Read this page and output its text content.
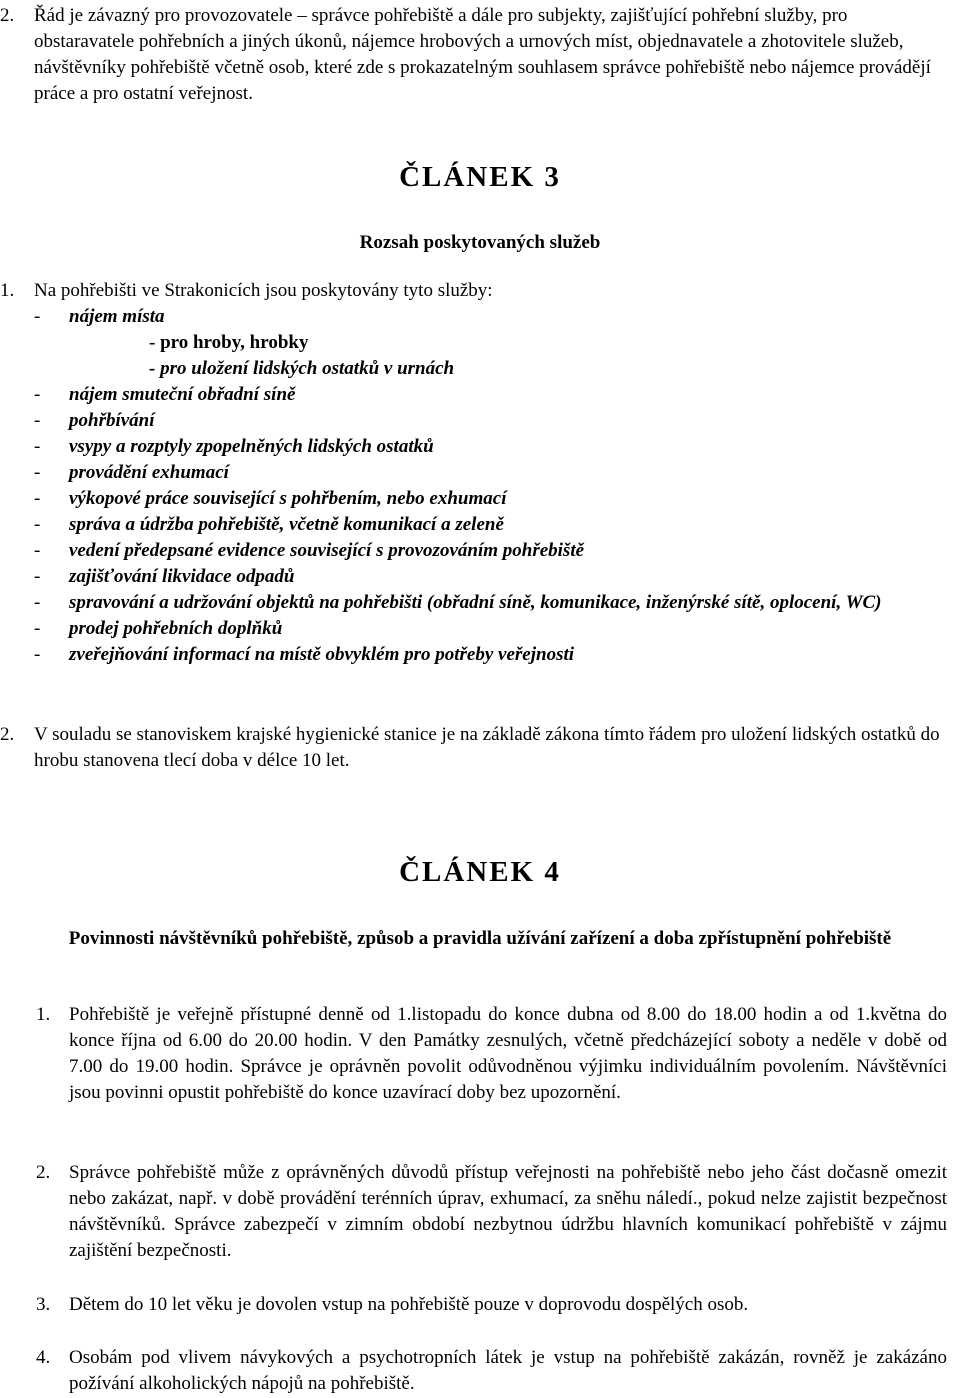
2.	Řád je závazný pro provozovatele – správce pohřebiště a dále pro subjekty, zajišťující pohřební služby, pro obstaravatele pohřebních a jiných úkonů, nájemce hrobových a urnových míst, objednavatele a zhotovitele služeb, návštěvníky pohřebiště včetně osob, které zde s prokazatelným souhlasem správce pohřebiště nebo nájemce provádějí práce a pro ostatní veřejnost.
ČLÁNEK 3
Rozsah poskytovaných služeb
1.	Na pohřebišti ve Strakonicích jsou poskytovány tyto služby:
- nájem místa
- pro hroby, hrobky
- pro uložení lidských ostatků v urnách
- nájem smuteční obřadní síně
- pohřbívání
- vsypy a rozptyly zpopelněných lidských ostatků
- provádění exhumací
- výkopové práce související s pohřbením, nebo exhumací
- správa a údržba pohřebiště, včetně komunikací a zeleně
- vedení předepsané evidence související s provozováním pohřebiště
- zajišťování likvidace odpadů
- spravování a udržování objektů na pohřebišti (obřadní síně, komunikace, inženýrské sítě, oplocení, WC)
- prodej pohřebních doplňků
- zveřejňování informací na místě obvyklém pro potřeby veřejnosti
2.	V souladu se stanoviskem krajské hygienické stanice je na základě zákona tímto řádem pro uložení lidských ostatků do hrobu stanovena tlecí doba v délce 10 let.
ČLÁNEK 4
Povinnosti návštěvníků pohřebiště, způsob a pravidla užívání zařízení a doba zpřístupnění pohřebiště
1. Pohřebiště je veřejně přístupné denně od 1.listopadu do konce dubna od 8.00 do 18.00 hodin a od 1.května do konce října od 6.00 do 20.00 hodin. V den Památky zesnulých, včetně předcházející soboty a neděle v době od 7.00 do 19.00 hodin. Správce je oprávněn povolit odůvodněnou výjimku individuálním povolením. Návštěvníci jsou povinni opustit pohřebiště do konce uzavírací doby bez upozornění.
2. Správce pohřebiště může z oprávněných důvodů přístup veřejnosti na pohřebiště nebo jeho část dočasně omezit nebo zakázat, např. v době provádění terénních úprav, exhumací, za sněhu náledí., pokud nelze zajistit bezpečnost návštěvníků. Správce zabezpečí v zimním období nezbytnou údržbu hlavních komunikací pohřebiště v zájmu zajištění bezpečnosti.
3. Dětem do 10 let věku je dovolen vstup na pohřebiště pouze v doprovodu dospělých osob.
4. Osobám pod vlivem návykových a psychotropních látek je vstup na pohřebiště zakázán, rovněž je zakázáno požívání alkoholických nápojů na pohřebiště.
